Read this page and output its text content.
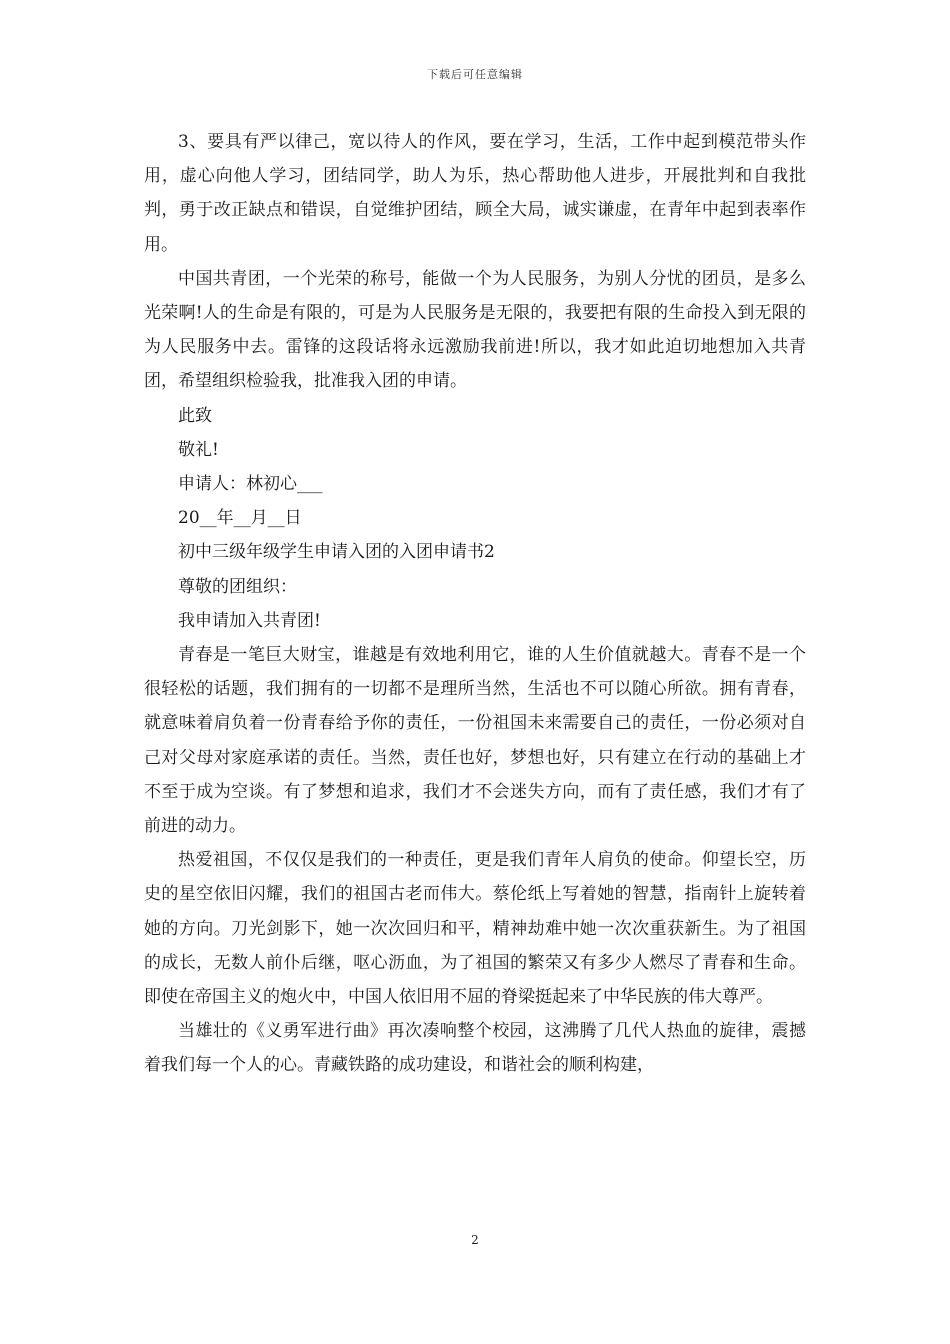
下载后可任意编辑

3、要具有严以律己，宽以待人的作风，要在学习，生活，工作中起到模范带头作用，虚心向他人学习，团结同学，助人为乐，热心帮助他人进步，开展批判和自我批判，勇于改正缺点和错误，自觉维护团结，顾全大局，诚实谦虚，在青年中起到表率作用。

中国共青团，一个光荣的称号，能做一个为人民服务，为别人分忧的团员，是多么光荣啊!人的生命是有限的，可是为人民服务是无限的，我要把有限的生命投入到无限的为人民服务中去。雷锋的这段话将永远激励我前进!所以，我才如此迫切地想加入共青团，希望组织检验我，批准我入团的申请。

此致

敬礼!

申请人：林初心___

20__年__月__日

初中三级年级学生申请入团的入团申请书2

尊敬的团组织：

我申请加入共青团!

青春是一笔巨大财宝，谁越是有效地利用它，谁的人生价值就越大。青春不是一个很轻松的话题，我们拥有的一切都不是理所当然，生活也不可以随心所欲。拥有青春，就意味着肩负着一份青春给予你的责任，一份祖国未来需要自己的责任，一份必须对自己对父母对家庭承诺的责任。当然，责任也好，梦想也好，只有建立在行动的基础上才不至于成为空谈。有了梦想和追求，我们才不会迷失方向，而有了责任感，我们才有了前进的动力。

热爱祖国，不仅仅是我们的一种责任，更是我们青年人肩负的使命。仰望长空，历史的星空依旧闪耀，我们的祖国古老而伟大。蔡伦纸上写着她的智慧，指南针上旋转着她的方向。刀光剑影下，她一次次回归和平，精神劫难中她一次次重获新生。为了祖国的成长，无数人前仆后继，呕心沥血，为了祖国的繁荣又有多少人燃尽了青春和生命。即使在帝国主义的炮火中，中国人依旧用不屈的脊梁挺起来了中华民族的伟大尊严。

当雄壮的《义勇军进行曲》再次凑响整个校园，这沸腾了几代人热血的旋律，震撼着我们每一个人的心。青藏铁路的成功建设，和谐社会的顺利构建，

2
